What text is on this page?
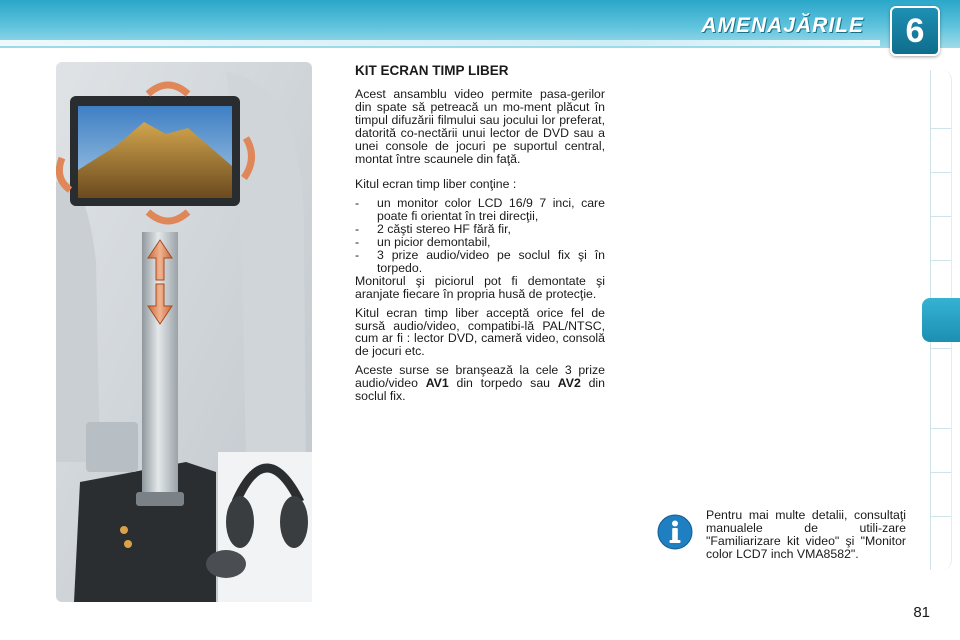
AMENAJĂRILE	6
KIT ECRAN TIMP LIBER

Acest ansamblu video permite pasa-gerilor din spate să petreacă un mo-ment plăcut în timpul difuzării filmului sau jocului lor preferat, datorită co-nectării unui lector de DVD sau a unei console de jocuri pe suportul central, montat între scaunele din faţă.

Kitul ecran timp liber conţine :

- un monitor color LCD 16/9 7 inci, care poate fi orientat în trei direcţii,
- 2 căşti stereo HF fără fir,
- un picior demontabil,
- 3 prize audio/video pe soclul fix şi în torpedo.

Monitorul şi piciorul pot fi demontate şi aranjate fiecare în propria husă de protecţie.

Kitul ecran timp liber acceptă orice fel de sursă audio/video, compatibi-lă PAL/NTSC, cum ar fi : lector DVD, cameră video, consolă de jocuri etc.

Aceste surse se branşează la cele 3 prize audio/video AV1 din torpedo sau AV2 din soclul fix.

Pentru mai multe detalii, consultaţi manualele de utili-zare "Familiarizare kit video" şi "Monitor color LCD7 inch VMA8582".
81
